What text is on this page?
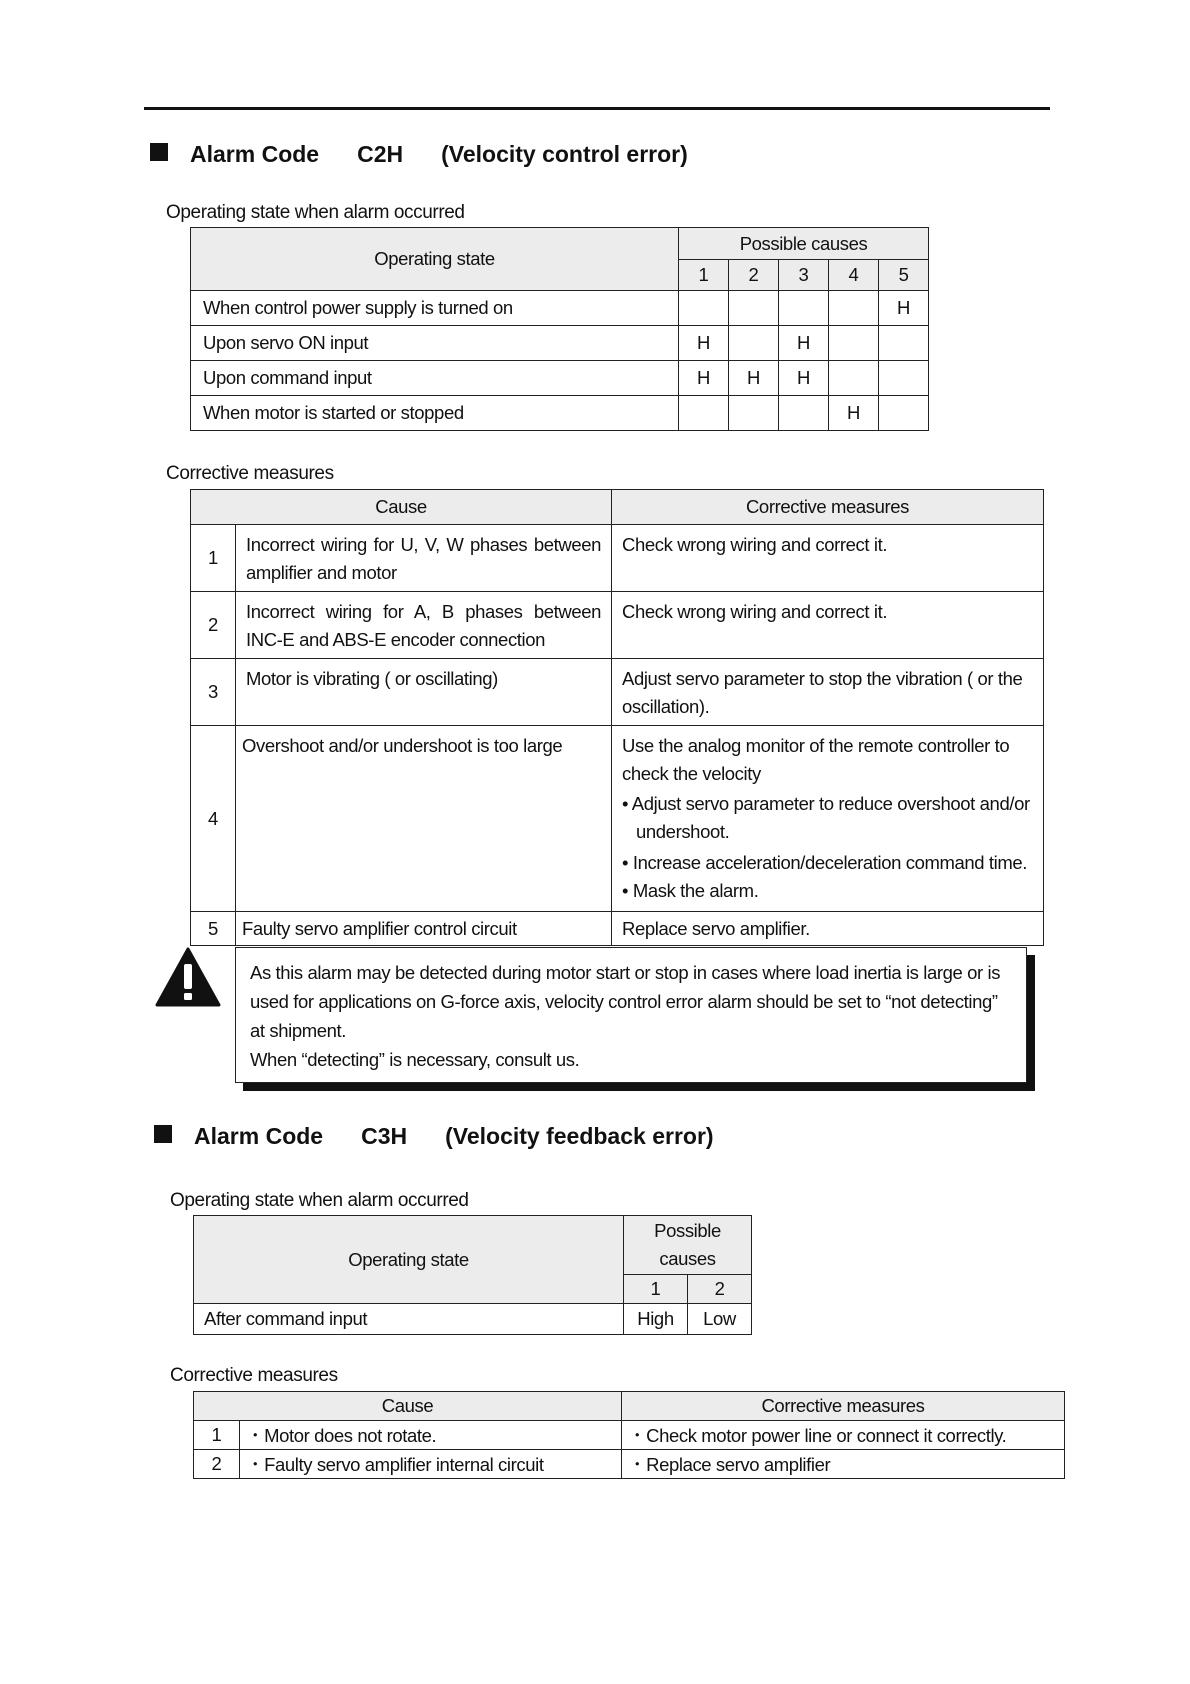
Alarm Code C2H (Velocity control error)
Operating state when alarm occurred
Operating state	Possible causes				
	1	2	3	4	5
When control power supply is turned on					H
Upon servo ON input	H		H		
Upon command input	H	H	H		
When motor is started or stopped				H	
Corrective measures
Cause		Corrective measures
1	Incorrect wiring for U, V, W phases between amplifier and motor	Check wrong wiring and correct it.
2	Incorrect wiring for A, B phases between INC-E and ABS-E encoder connection	Check wrong wiring and correct it.
3	Motor is vibrating ( or oscillating)	Adjust servo parameter to stop the vibration ( or the oscillation).
4	Overshoot and/or undershoot is too large	Use the analog monitor of the remote controller to check the velocity
• Adjust servo parameter to reduce overshoot and/or undershoot.
• Increase acceleration/deceleration command time.
• Mask the alarm.

5	Faulty servo amplifier control circuit	Replace servo amplifier.
As this alarm may be detected during motor start or stop in cases where load inertia is large or is used for applications on G-force axis, velocity control error alarm should be set to “not detecting” at shipment.
When “detecting” is necessary, consult us.
Alarm Code C3H (Velocity feedback error)
Operating state when alarm occurred
Operating state	Possible
causes	

	1	2
After command input	High	Low
Corrective measures
Cause		Corrective measures
1	・Motor does not rotate.	・Check motor power line or connect it correctly.
2	・Faulty servo amplifier internal circuit	・Replace servo amplifier
